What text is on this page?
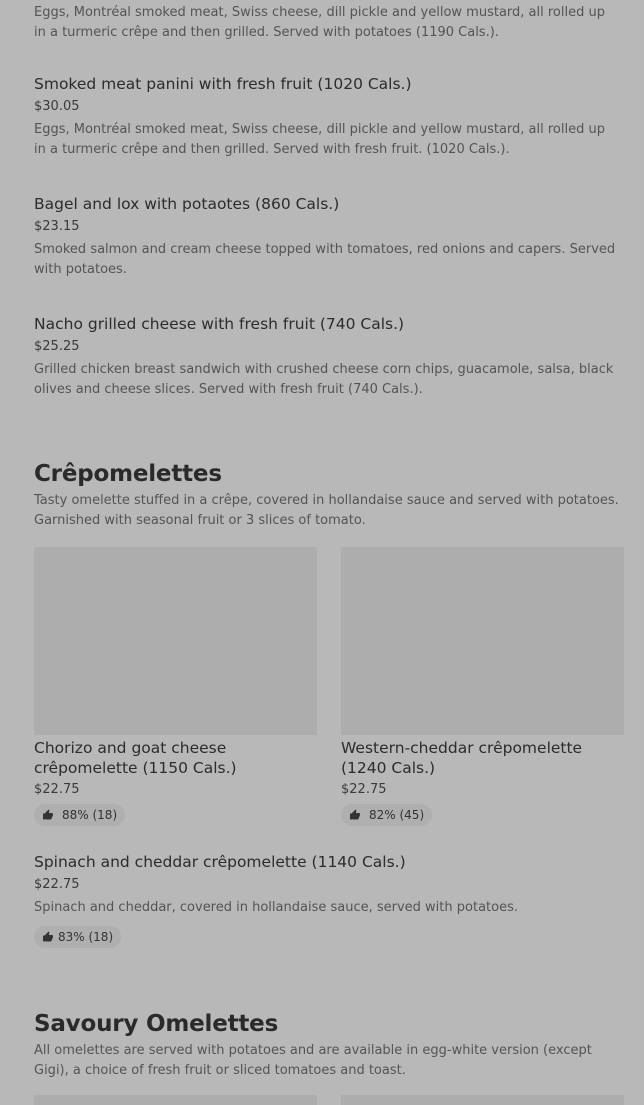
Eggs, Montréal smoked meat, Swiss cheese, dill pickle and yellow mustard, all rolled up in a turmeric crêpe and then grilled. Served with potatoes (1190 Cals.).
Smoked meat panini with fresh fruit (1020 Cals.)
$30.05
Eggs, Montréal smoked meat, Swiss cheese, dill pickle and yellow mustard, all rolled up in a turmeric crêpe and then grilled. Served with fresh fruit. (1020 Cals.).
Bagel and lox with potaotes (860 Cals.)
$23.15
Smoked salmon and cream cheese topped with tomatoes, red onions and capers. Served with potatoes.
Nacho grilled cheese with fresh fruit (740 Cals.)
$25.25
Grilled chicken breast sandwich with crushed cheese corn chips, guacamole, salsa, black olives and cheese slices. Served with fresh fruit (740 Cals.).
Crêpomelettes
Tasty omelette stuffed in a crêpe, covered in hollandaise sauce and served with potatoes. Garnished with seasonal fruit or 3 slices of tomato.
Chorizo and goat cheese crêpomelette (1150 Cals.)
$22.75
88% (18)
Western-cheddar crêpomelette (1240 Cals.)
$22.75
82% (45)
Spinach and cheddar crêpomelette (1140 Cals.)
$22.75
Spinach and cheddar, covered in hollandaise sauce, served with potatoes.
83% (18)
Savoury Omelettes
All omelettes are served with potatoes and are available in egg-white version (except Gigi), a choice of fresh fruit or sliced tomatoes and toast.
